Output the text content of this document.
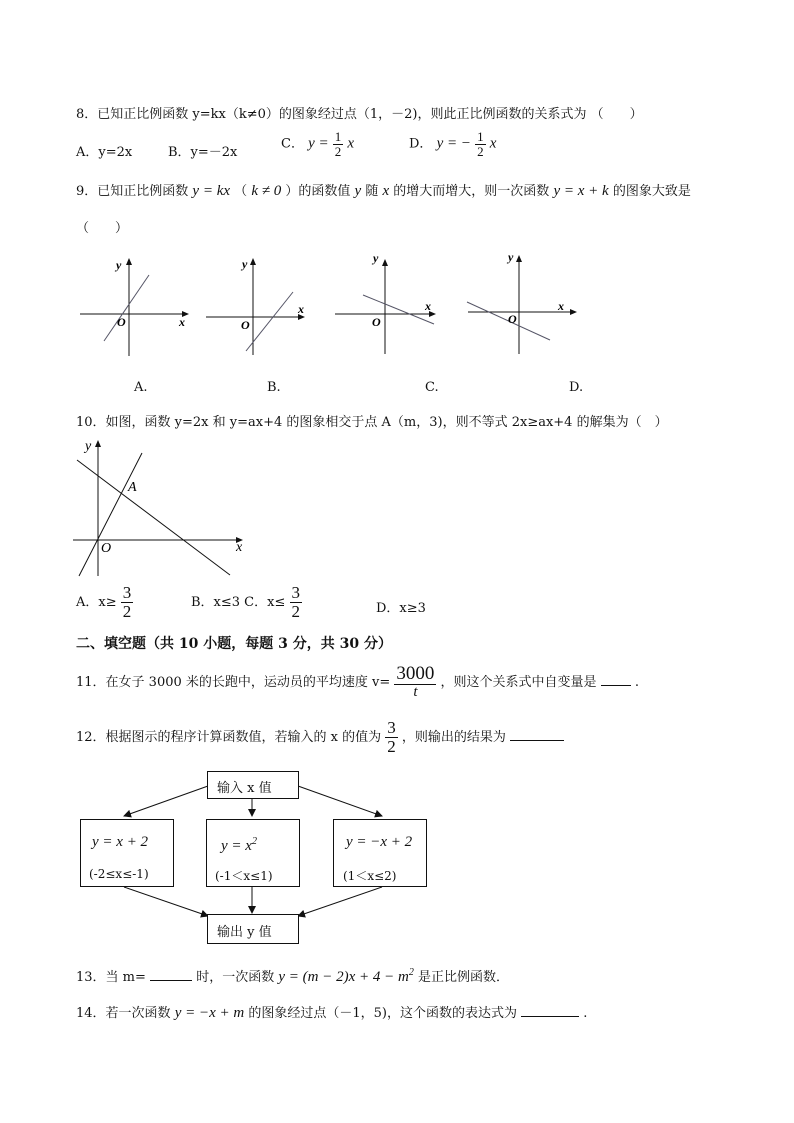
8．已知正比例函数 y=kx（k≠0）的图象经过点（1，－2)，则此正比例函数的关系式为 （　　）
A．y=2x	B．y=－2x
C． $y = \frac{1}{2}$ x	D． y = − $\frac{1}{2}$ x
9．已知正比例函数 y = kx （ k ≠ 0 ）的函数值 y 随 x 的增大而增大，则一次函数 y = x + k 的图象大致是
（　　）
y
x
O
y
x
O
y
x
O
y
x
O
A.	B.	C.	D.
10．如图，函数 y=2x 和 y=ax+4 的图象相交于点 A（m，3)，则不等式 2x≥ax+4 的解集为（　）
y
x
O
A
A．$x\ge \frac{3}{2}$	B．x≤3 C．$x\le \frac{3}{2}$	D．x≥3
二、填空题（共 10 小题，每题 3 分，共 30 分）
11．在女子 3000 米的长跑中，运动员的平均速度 $v= \frac{3000}{t}$ ，则这个关系式中自变量是	.
12．根据图示的程序计算函数值，若输入的 x 的值为 $\frac{3}{2}$ ，则输出的结果为
输入 x 值
y = x + 2
(-2≤x≤-1)
$y = x^2$
(-1＜x≤1)
y = −x + 2
(1＜x≤2)
输出 y 值
13．当 m=	时，一次函数 $y = (m - 2)x + 4 - m^2$ 是正比例函数．
14．若一次函数 y = −x + m 的图象经过点（－1，5)，这个函数的表达式为	.
